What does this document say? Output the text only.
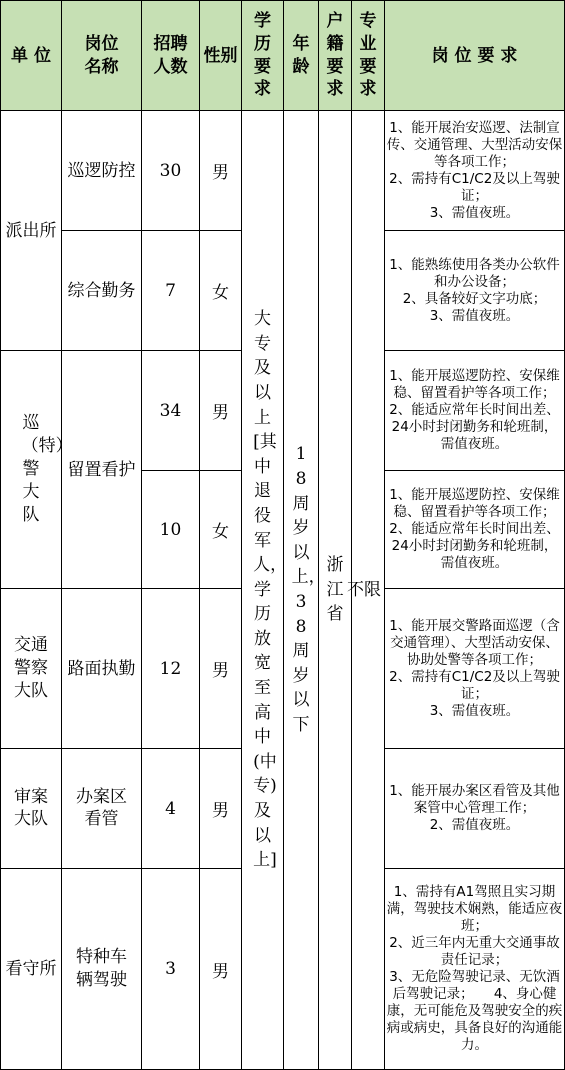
单 位	岗位名称	招聘人数	性别	学历要求	年龄	户籍要求	专业要求	岗 位 要 求
派出所	巡逻防控	30	男	大专及以上[其中退役军人，学历放宽至高中(中专)及以上]	18周岁以上，38周岁以下	浙江省	不限	1、能开展治安巡逻、法制宣传、交通管理、大型活动安保等各项工作；
2、需持有C1/C2及以上驾驶证；
3、需值夜班。

	综合勤务	7	女					1、能熟练使用各类办公软件和办公设备；
2、具备较好文字功底；
3、需值夜班。

巡（特）警大队	留置看护	34	男					1、能开展巡逻防控、安保维稳、留置看护等各项工作；
2、能适应常年长时间出差、24小时封闭勤务和轮班制，需值夜班。

		10	女					1、能开展巡逻防控、安保维稳、留置看护等各项工作；
2、能适应常年长时间出差、24小时封闭勤务和轮班制，需值夜班。

交通警察大队	路面执勤	12	男					1、能开展交警路面巡逻（含交通管理）、大型活动安保、协助处警等各项工作；
2、需持有C1/C2及以上驾驶证；
3、需值夜班。

审案大队	办案区看管	4	男					1、能开展办案区看管及其他案管中心管理工作；
2、需值夜班。

看守所	特种车辆驾驶	3	男					1、需持有A1驾照且实习期满，驾驶技术娴熟，能适应夜班；
2、近三年内无重大交通事故责任记录；
3、无危险驾驶记录、无饮酒后驾驶记录；　　4、身心健康，无可能危及驾驶安全的疾病或病史，具备良好的沟通能力。
